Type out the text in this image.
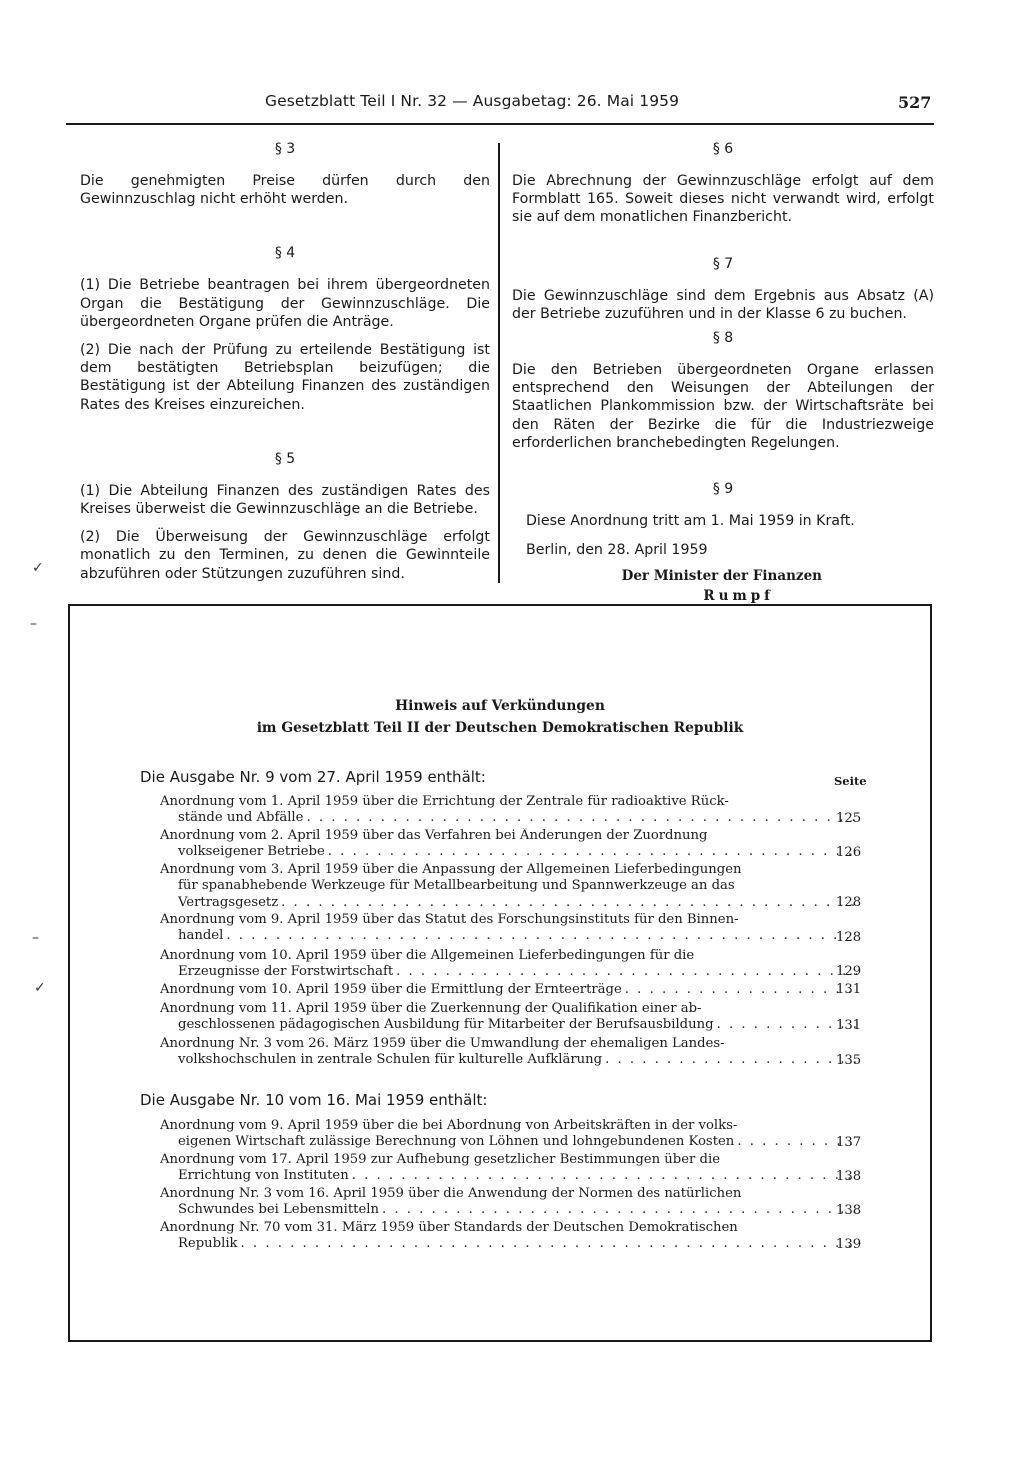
Gesetzblatt Teil I Nr. 32 — Ausgabetag: 26. Mai 1959	527
§ 3

Die genehmigten Preise dürfen durch den Gewinnzuschlag nicht erhöht werden.

§ 4

(1) Die Betriebe beantragen bei ihrem übergeordneten Organ die Bestätigung der Gewinnzuschläge. Die übergeordneten Organe prüfen die Anträge.

(2) Die nach der Prüfung zu erteilende Bestätigung ist dem bestätigten Betriebsplan beizufügen; die Bestätigung ist der Abteilung Finanzen des zuständigen Rates des Kreises einzureichen.

§ 5

(1) Die Abteilung Finanzen des zuständigen Rates des Kreises überweist die Gewinnzuschläge an die Betriebe.

(2) Die Überweisung der Gewinnzuschläge erfolgt monatlich zu den Terminen, zu denen die Gewinnteile abzuführen oder Stützungen zuzuführen sind.

§ 6

Die Abrechnung der Gewinnzuschläge erfolgt auf dem Formblatt 165. Soweit dieses nicht verwandt wird, erfolgt sie auf dem monatlichen Finanzbericht.

§ 7

Die Gewinnzuschläge sind dem Ergebnis aus Absatz (A) der Betriebe zuzuführen und in der Klasse 6 zu buchen.

§ 8

Die den Betrieben übergeordneten Organe erlassen entsprechend den Weisungen der Abteilungen der Staatlichen Plankommission bzw. der Wirtschaftsräte bei den Räten der Bezirke die für die Industriezweige erforderlichen branchebedingten Regelungen.

§ 9

Diese Anordnung tritt am 1. Mai 1959 in Kraft.

Berlin, den 28. April 1959
Der Minister der Finanzen
Rumpf
Hinweis auf Verkündungen
im Gesetzblatt Teil II der Deutschen Demokratischen Republik
Die Ausgabe Nr. 9 vom 27. April 1959 enthält:	Seite
Anordnung vom 1. April 1959 über die Errichtung der Zentrale für radioaktive Rück-
stände und Abfälle . . .	125
Anordnung vom 2. April 1959 über das Verfahren bei Änderungen der Zuordnung
volkseigener Betriebe . . .	126
Anordnung vom 3. April 1959 über die Anpassung der Allgemeinen Lieferbedingungen
für spanabhebende Werkzeuge für Metallbearbeitung und Spannwerkzeuge an das
Vertragsgesetz . . .	128
Anordnung vom 9. April 1959 über das Statut des Forschungsinstituts für den Binnen-
handel . . .	128
Anordnung vom 10. April 1959 über die Allgemeinen Lieferbedingungen für die
Erzeugnisse der Forstwirtschaft . . .	129
Anordnung vom 10. April 1959 über die Ermittlung der Ernteerträge . . .	131
Anordnung vom 11. April 1959 über die Zuerkennung der Qualifikation einer ab-
geschlossenen pädagogischen Ausbildung für Mitarbeiter der Berufsausbildung . . .	131
Anordnung Nr. 3 vom 26. März 1959 über die Umwandlung der ehemaligen Landes-
volkshochschulen in zentrale Schulen für kulturelle Aufklärung . . .	135
Die Ausgabe Nr. 10 vom 16. Mai 1959 enthält:
Anordnung vom 9. April 1959 über die bei Abordnung von Arbeitskräften in der volks-
eigenen Wirtschaft zulässige Berechnung von Löhnen und lohngebundenen Kosten . . .	137
Anordnung vom 17. April 1959 zur Aufhebung gesetzlicher Bestimmungen über die
Errichtung von Instituten . . .	138
Anordnung Nr. 3 vom 16. April 1959 über die Anwendung der Normen des natürlichen
Schwundes bei Lebensmitteln . . .	138
Anordnung Nr. 70 vom 31. März 1959 über Standards der Deutschen Demokratischen
Republik . . .	139
✓
–
–
✓
